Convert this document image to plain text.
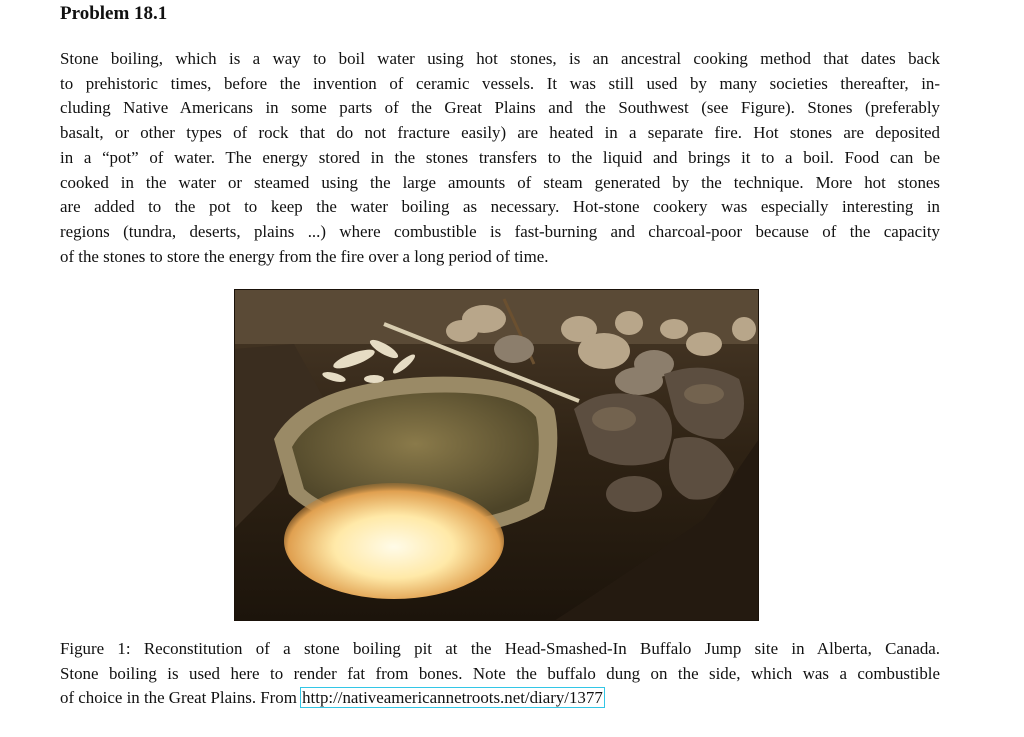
Problem 18.1
Stone boiling, which is a way to boil water using hot stones, is an ancestral cooking method that dates back
to prehistoric times, before the invention of ceramic vessels. It was still used by many societies thereafter, in-
cluding Native Americans in some parts of the Great Plains and the Southwest (see Figure). Stones (preferably
basalt, or other types of rock that do not fracture easily) are heated in a separate fire. Hot stones are deposited
in a “pot” of water. The energy stored in the stones transfers to the liquid and brings it to a boil. Food can be
cooked in the water or steamed using the large amounts of steam generated by the technique. More hot stones
are added to the pot to keep the water boiling as necessary. Hot-stone cookery was especially interesting in
regions (tundra, deserts, plains ...) where combustible is fast-burning and charcoal-poor because of the capacity
of the stones to store the energy from the fire over a long period of time.
Figure 1: Reconstitution of a stone boiling pit at the Head-Smashed-In Buffalo Jump site in Alberta, Canada.
Stone boiling is used here to render fat from bones. Note the buffalo dung on the side, which was a combustible
of choice in the Great Plains. From http://nativeamericannetroots.net/diary/1377
